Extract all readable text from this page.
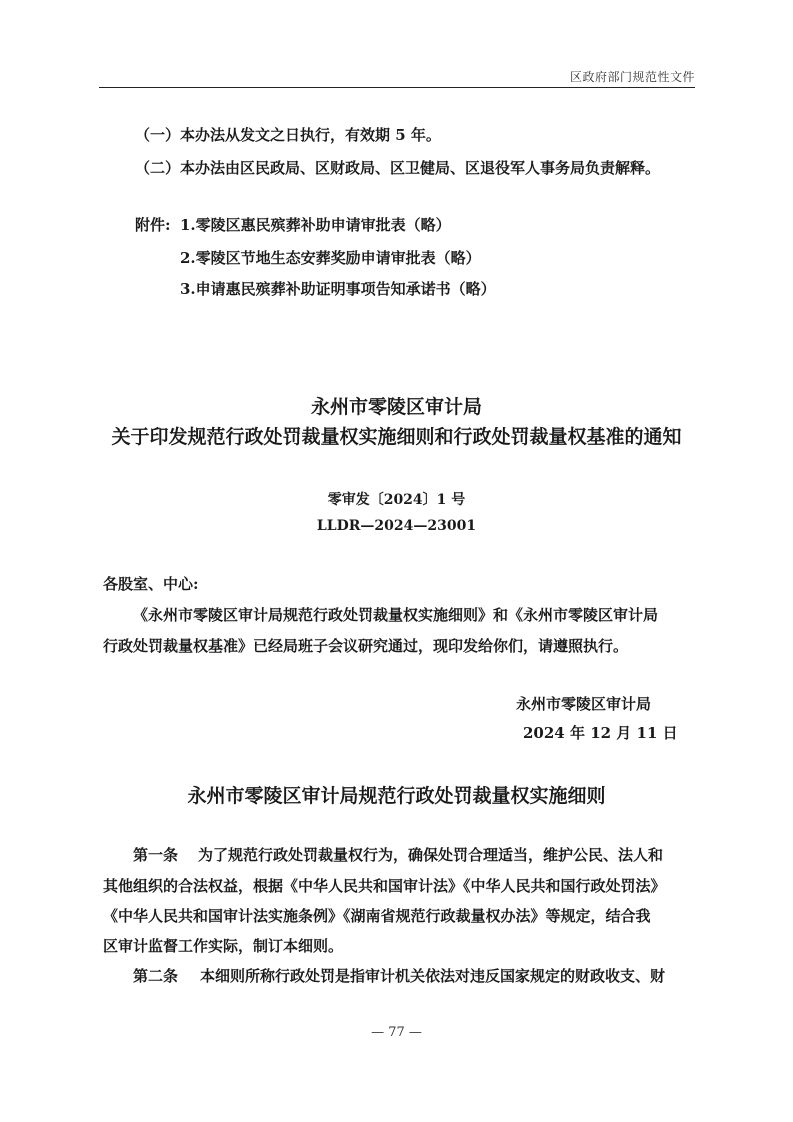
区政府部门规范性文件
（一）本办法从发文之日执行，有效期 5 年。
（二）本办法由区民政局、区财政局、区卫健局、区退役军人事务局负责解释。
附件: 1.零陵区惠民殡葬补助申请审批表（略）
2.零陵区节地生态安葬奖励申请审批表（略）
3.申请惠民殡葬补助证明事项告知承诺书（略）
永州市零陵区审计局
关于印发规范行政处罚裁量权实施细则和行政处罚裁量权基准的通知
零审发〔2024〕1 号
LLDR—2024—23001
各股室、中心:
《永州市零陵区审计局规范行政处罚裁量权实施细则》和《永州市零陵区审计局
行政处罚裁量权基准》已经局班子会议研究通过，现印发给你们，请遵照执行。
永州市零陵区审计局
2024 年 12 月 11 日
永州市零陵区审计局规范行政处罚裁量权实施细则
第一条 为了规范行政处罚裁量权行为，确保处罚合理适当，维护公民、法人和
其他组织的合法权益，根据《中华人民共和国审计法》《中华人民共和国行政处罚法》
《中华人民共和国审计法实施条例》《湖南省规范行政裁量权办法》等规定，结合我
区审计监督工作实际，制订本细则。
第二条 本细则所称行政处罚是指审计机关依法对违反国家规定的财政收支、财
— 77 —
